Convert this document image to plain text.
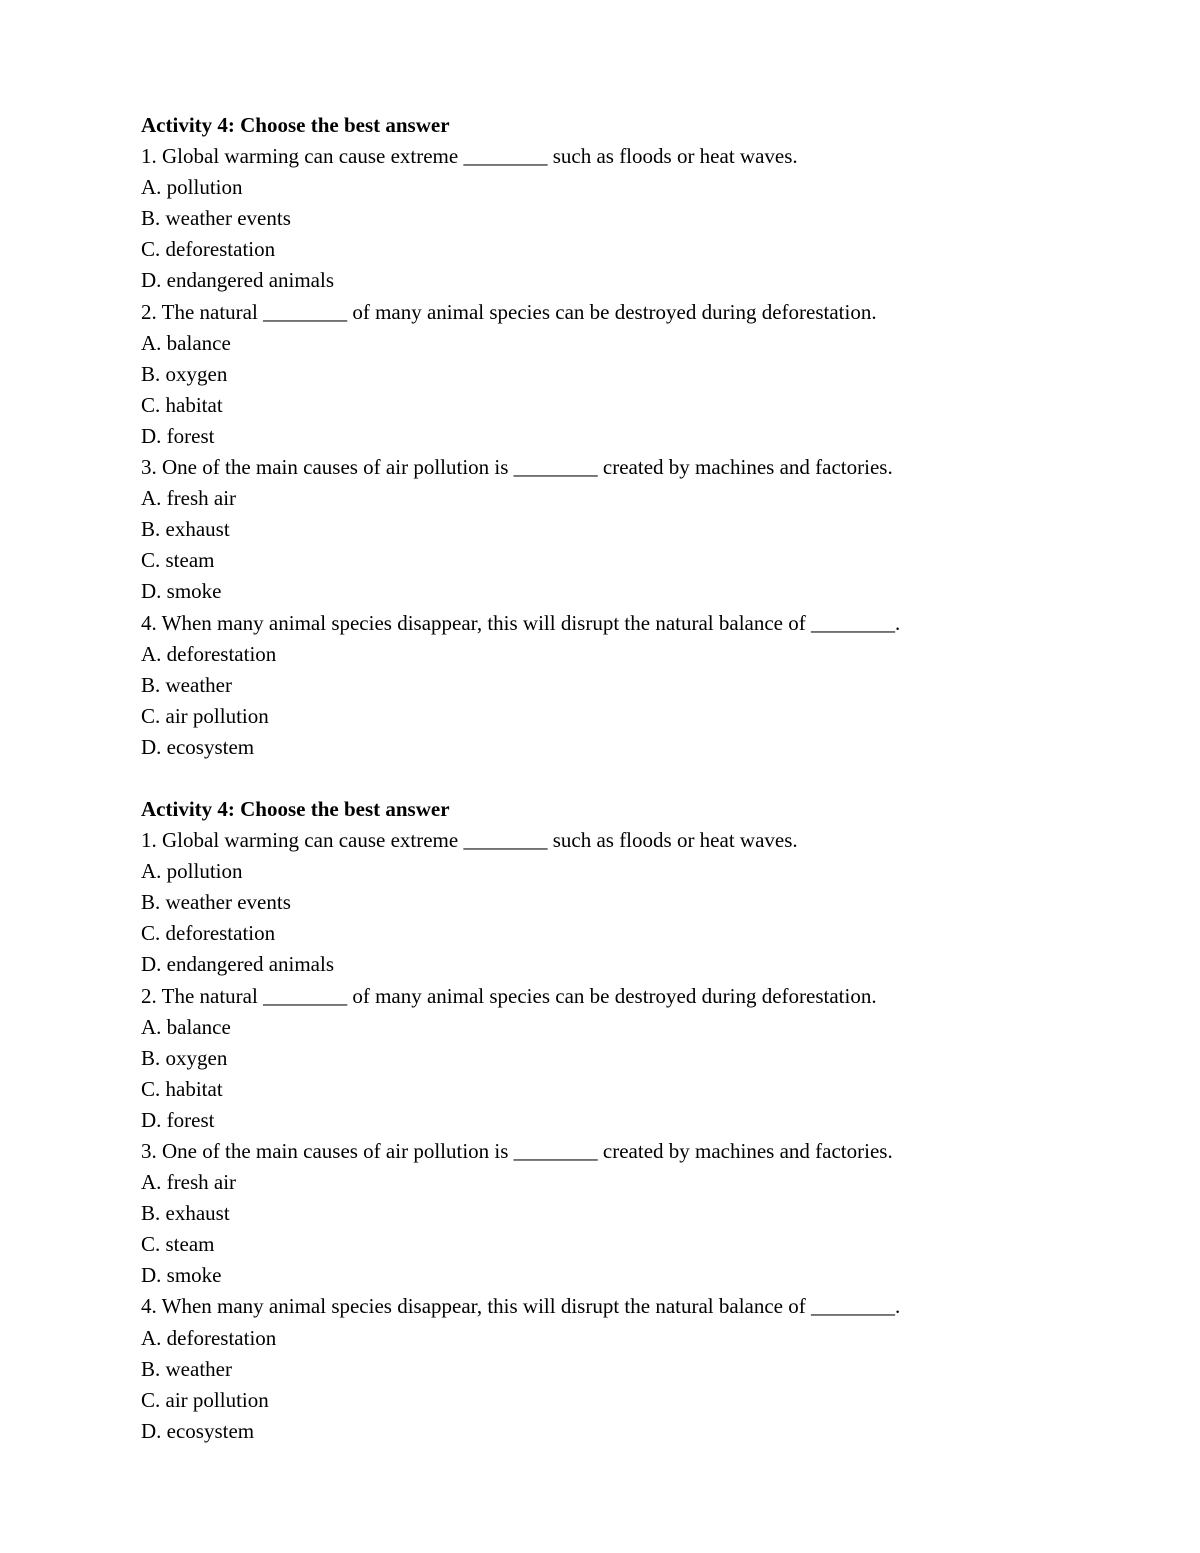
Activity 4: Choose the best answer
1. Global warming can cause extreme ________ such as floods or heat waves.
A. pollution
B. weather events
C. deforestation
D. endangered animals
2. The natural ________ of many animal species can be destroyed during deforestation.
A. balance
B. oxygen
C. habitat
D. forest
3. One of the main causes of air pollution is ________ created by machines and factories.
A. fresh air
B. exhaust
C. steam
D. smoke
4. When many animal species disappear, this will disrupt the natural balance of ________.
A. deforestation
B. weather
C. air pollution
D. ecosystem
Activity 4: Choose the best answer
1. Global warming can cause extreme ________ such as floods or heat waves.
A. pollution
B. weather events
C. deforestation
D. endangered animals
2. The natural ________ of many animal species can be destroyed during deforestation.
A. balance
B. oxygen
C. habitat
D. forest
3. One of the main causes of air pollution is ________ created by machines and factories.
A. fresh air
B. exhaust
C. steam
D. smoke
4. When many animal species disappear, this will disrupt the natural balance of ________.
A. deforestation
B. weather
C. air pollution
D. ecosystem
